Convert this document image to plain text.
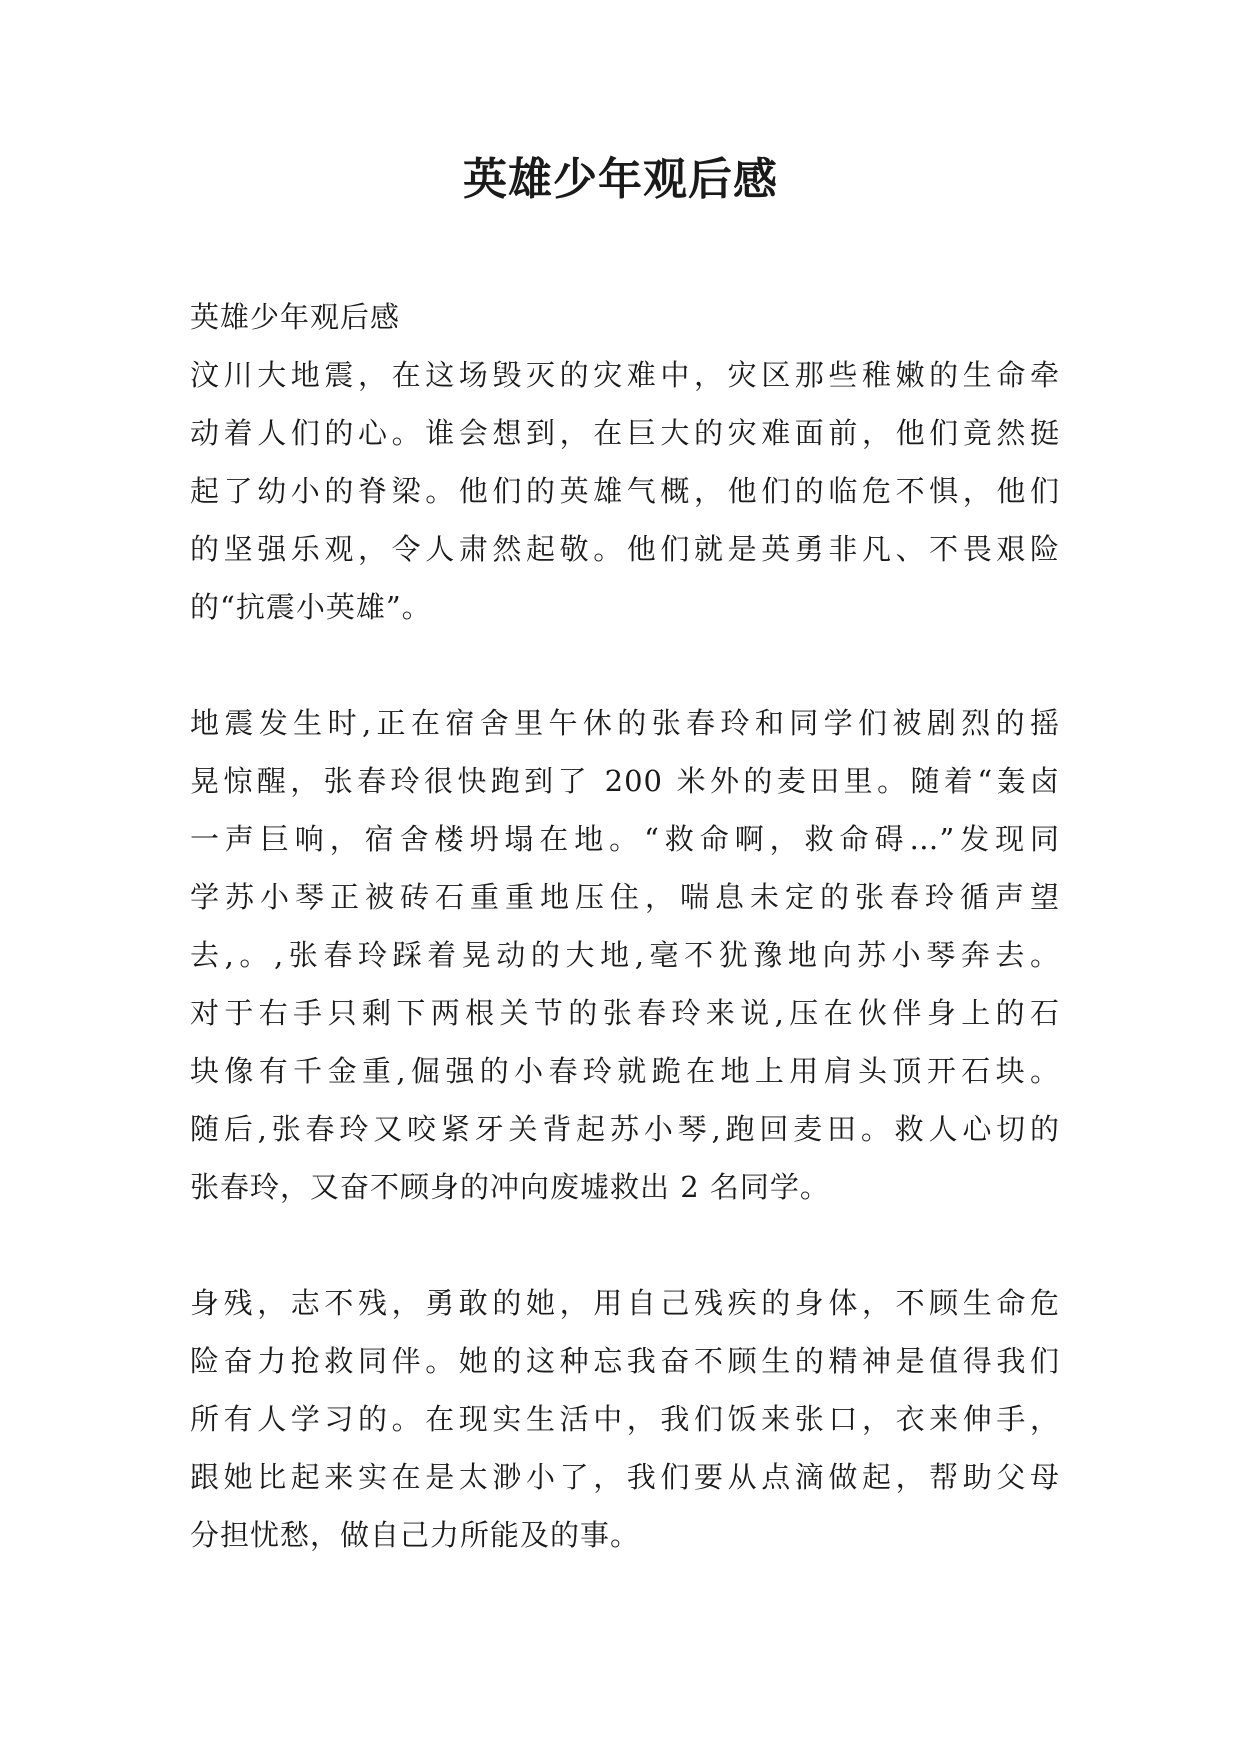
英雄少年观后感
英雄少年观后感
汶川大地震，在这场毁灭的灾难中，灾区那些稚嫩的生命牵
动着人们的心。谁会想到，在巨大的灾难面前，他们竟然挺
起了幼小的脊梁。他们的英雄气概，他们的临危不惧，他们
的坚强乐观，令人肃然起敬。他们就是英勇非凡、不畏艰险
的“抗震小英雄”。
地震发生时,正在宿舍里午休的张春玲和同学们被剧烈的摇
晃惊醒，张春玲很快跑到了 200 米外的麦田里。随着“轰卤
一声巨响，宿舍楼坍塌在地。“救命啊，救命碍…”发现同
学苏小琴正被砖石重重地压住，喘息未定的张春玲循声望
去,。,张春玲踩着晃动的大地,毫不犹豫地向苏小琴奔去。
对于右手只剩下两根关节的张春玲来说,压在伙伴身上的石
块像有千金重,倔强的小春玲就跪在地上用肩头顶开石块。
随后,张春玲又咬紧牙关背起苏小琴,跑回麦田。救人心切的
张春玲，又奋不顾身的冲向废墟救出 2 名同学。
身残，志不残，勇敢的她，用自己残疾的身体，不顾生命危
险奋力抢救同伴。她的这种忘我奋不顾生的精神是值得我们
所有人学习的。在现实生活中，我们饭来张口，衣来伸手，
跟她比起来实在是太渺小了，我们要从点滴做起，帮助父母
分担忧愁，做自己力所能及的事。
